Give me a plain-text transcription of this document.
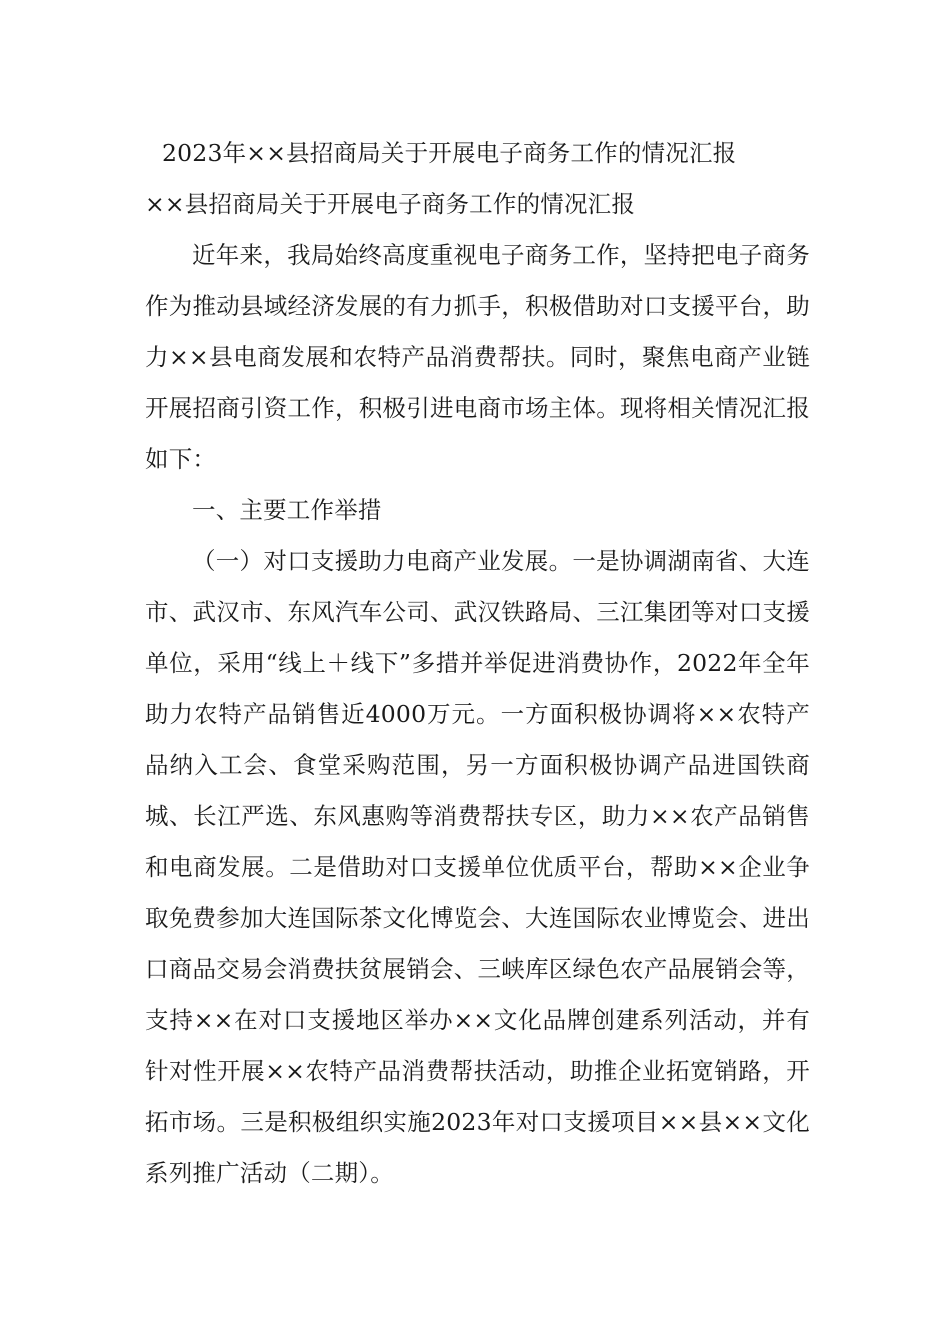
2023年××县招商局关于开展电子商务工作的情况汇报
××县招商局关于开展电子商务工作的情况汇报

近年来，我局始终高度重视电子商务工作，坚持把电子商务作为推动县域经济发展的有力抓手，积极借助对口支援平台，助力××县电商发展和农特产品消费帮扶。同时，聚焦电商产业链开展招商引资工作，积极引进电商市场主体。现将相关情况汇报如下：

一、主要工作举措

（一）对口支援助力电商产业发展。一是协调湖南省、大连市、武汉市、东风汽车公司、武汉铁路局、三江集团等对口支援单位，采用“线上＋线下”多措并举促进消费协作，2022年全年助力农特产品销售近4000万元。一方面积极协调将××农特产品纳入工会、食堂采购范围，另一方面积极协调产品进国铁商城、长江严选、东风惠购等消费帮扶专区，助力××农产品销售和电商发展。二是借助对口支援单位优质平台，帮助××企业争取免费参加大连国际茶文化博览会、大连国际农业博览会、进出口商品交易会消费扶贫展销会、三峡库区绿色农产品展销会等，支持××在对口支援地区举办××文化品牌创建系列活动，并有针对性开展××农特产品消费帮扶活动，助推企业拓宽销路，开拓市场。三是积极组织实施2023年对口支援项目××县××文化系列推广活动（二期）。
